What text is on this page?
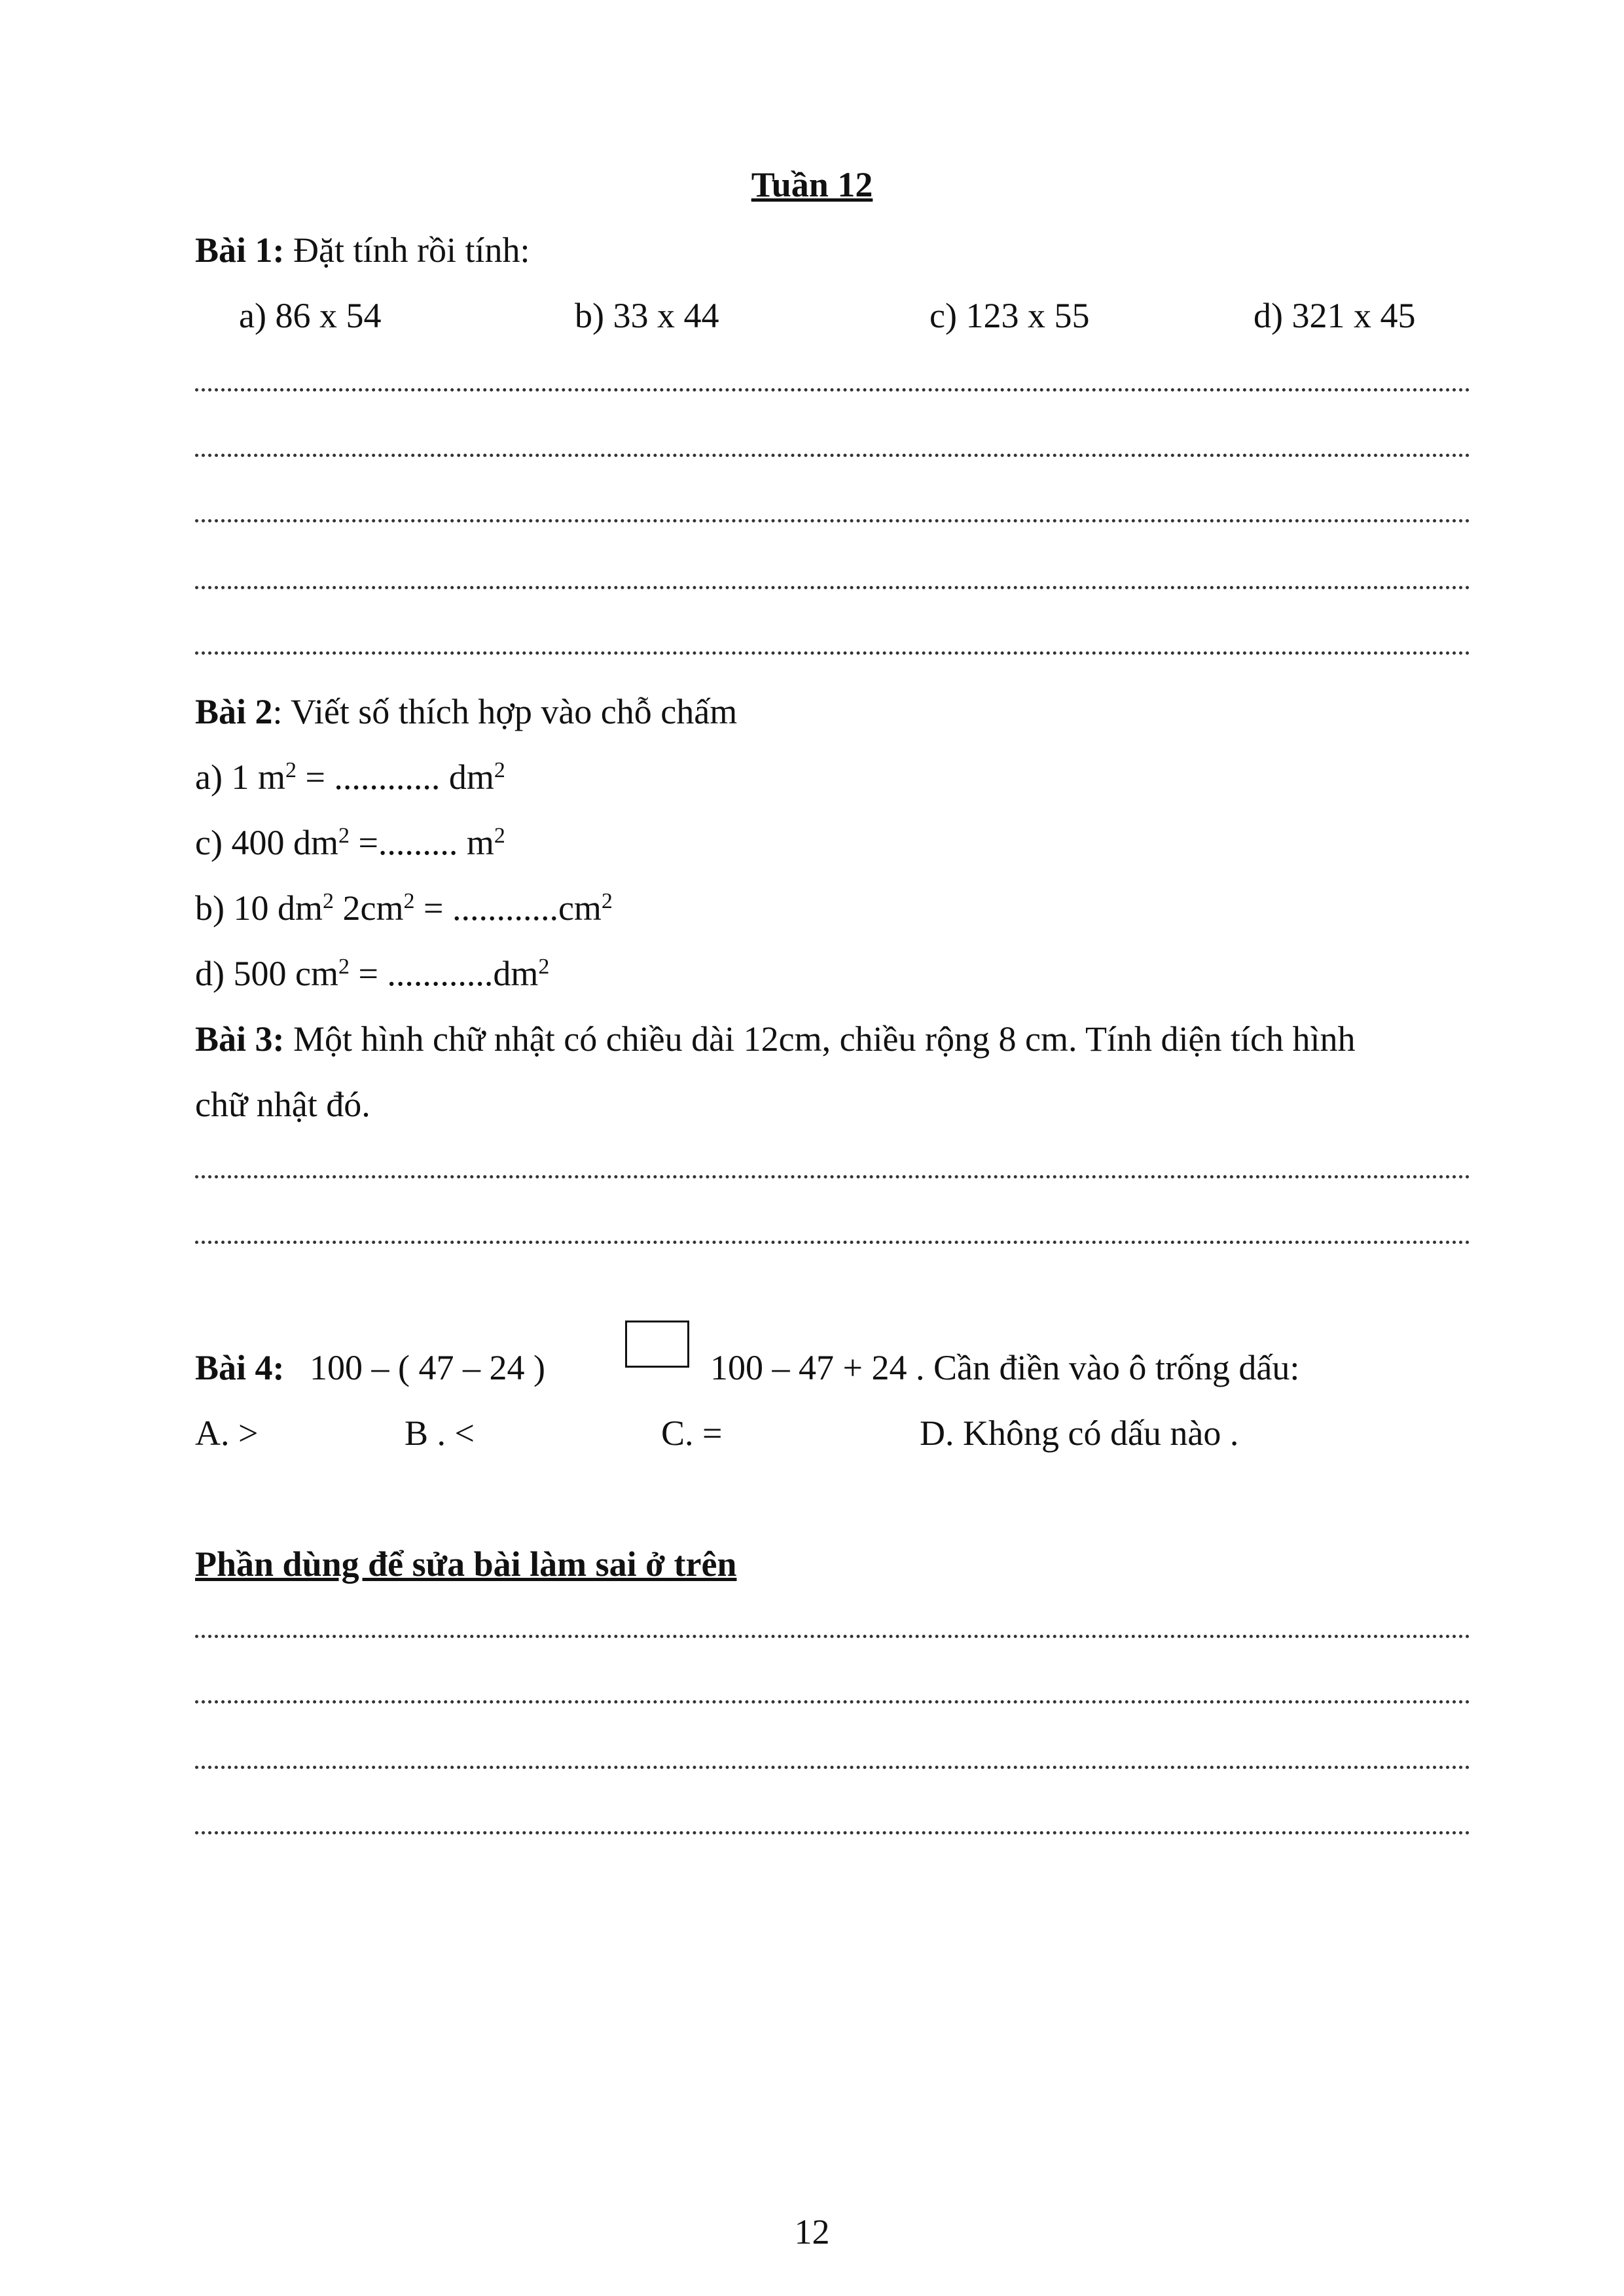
Tuần 12
Bài 1: Đặt tính rồi tính:
a) 86 x 54	b) 33 x 44	c) 123 x 55	d) 321 x 45
Bài 2: Viết số thích hợp vào chỗ chấm
a) 1 $m^2$ = ............ $dm^2$
c) 400 $dm^2$ =......... $m^2$
b) 10 $dm^2$ $2cm^2 = ............cm^2$
d) 500 $cm^2 = ............dm^2$
Bài 3: Một hình chữ nhật có chiều dài 12cm, chiều rộng 8 cm. Tính diện tích hình
chữ nhật đó.
Bài 4: 100 – ( 47 – 24 )	100 – 47 + 24 . Cần điền vào ô trống dấu:
A. >	B . <	C. =	D. Không có dấu nào .
Phần dùng để sửa bài làm sai ở trên
12
